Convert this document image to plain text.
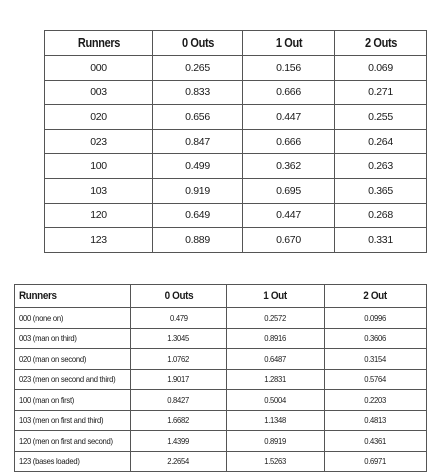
Runners	0 Outs	1 Out	2 Outs
000	0.265	0.156	0.069
003	0.833	0.666	0.271
020	0.656	0.447	0.255
023	0.847	0.666	0.264
100	0.499	0.362	0.263
103	0.919	0.695	0.365
120	0.649	0.447	0.268
123	0.889	0.670	0.331
Runners	0 Outs	1 Out	2 Out
000 (none on)	0.479	0.2572	0.0996
003 (man on third)	1.3045	0.8916	0.3606
020 (man on second)	1.0762	0.6487	0.3154
023 (men on second and third)	1.9017	1.2831	0.5764
100 (man on first)	0.8427	0.5004	0.2203
103 (men on first and third)	1.6682	1.1348	0.4813
120 (men on first and second)	1.4399	0.8919	0.4361
123 (bases loaded)	2.2654	1.5263	0.6971
